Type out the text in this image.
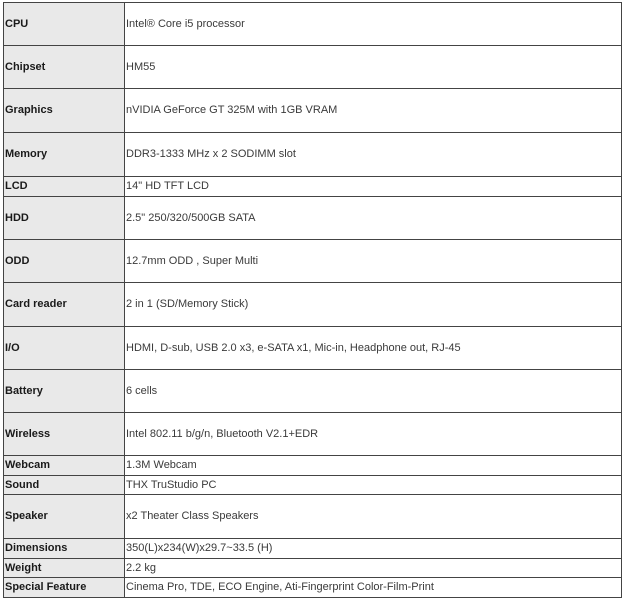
CPU	Intel® Core i5 processor
Chipset	HM55
Graphics	nVIDIA GeForce GT 325M with 1GB VRAM
Memory	DDR3-1333 MHz x 2 SODIMM slot
LCD	14" HD TFT LCD
HDD	2.5" 250/320/500GB SATA
ODD	12.7mm ODD , Super Multi
Card reader	2 in 1 (SD/Memory Stick)
I/O	HDMI, D-sub, USB 2.0 x3, e-SATA x1, Mic-in, Headphone out, RJ-45
Battery	6 cells
Wireless	Intel 802.11 b/g/n, Bluetooth V2.1+EDR
Webcam	1.3M Webcam
Sound	THX TruStudio PC
Speaker	x2 Theater Class Speakers
Dimensions	350(L)x234(W)x29.7~33.5 (H)
Weight	2.2 kg
Special Feature	Cinema Pro, TDE, ECO Engine, Ati-Fingerprint Color-Film-Print
